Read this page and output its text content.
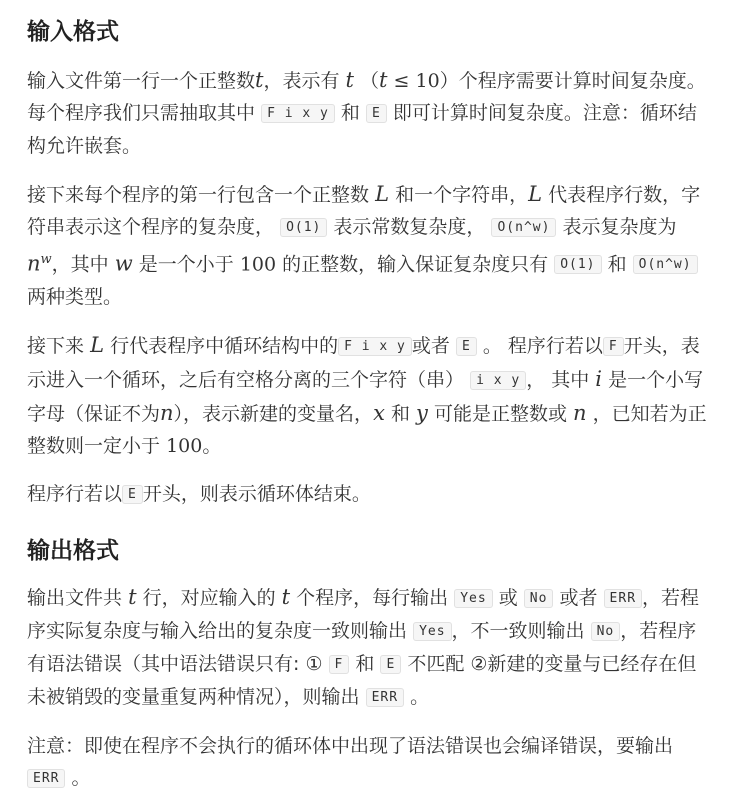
输入格式

输入文件第一行一个正整数t，表示有 t （t ≤ 10）个程序需要计算时间复杂度。 每个程序我们只需抽取其中 F i x y 和 E 即可计算时间复杂度。注意：循环结构允许嵌套。

接下来每个程序的第一行包含一个正整数 L 和一个字符串，L 代表程序行数，字符串表示这个程序的复杂度， O(1) 表示常数复杂度， O(n^w) 表示复杂度为 $n^w$，其中 w 是一个小于 100 的正整数，输入保证复杂度只有 O(1) 和 O(n^w) 两种类型。

接下来 L 行代表程序中循环结构中的 F i x y 或者 E 。 程序行若以 F 开头，表示进入一个循环，之后有空格分离的三个字符（串） i x y ， 其中 i 是一个小写字母（保证不为n），表示新建的变量名，x 和 y 可能是正整数或 n ，已知若为正整数则一定小于 100。

程序行若以 E 开头，则表示循环体结束。

输出格式

输出文件共 t 行，对应输入的 t 个程序，每行输出 Yes 或 No 或者 ERR ，若程序实际复杂度与输入给出的复杂度一致则输出 Yes ，不一致则输出 No ，若程序有语法错误（其中语法错误只有: ① F 和 E 不匹配 ②新建的变量与已经存在但未被销毁的变量重复两种情况），则输出 ERR 。

注意：即使在程序不会执行的循环体中出现了语法错误也会编译错误，要输出 ERR 。
